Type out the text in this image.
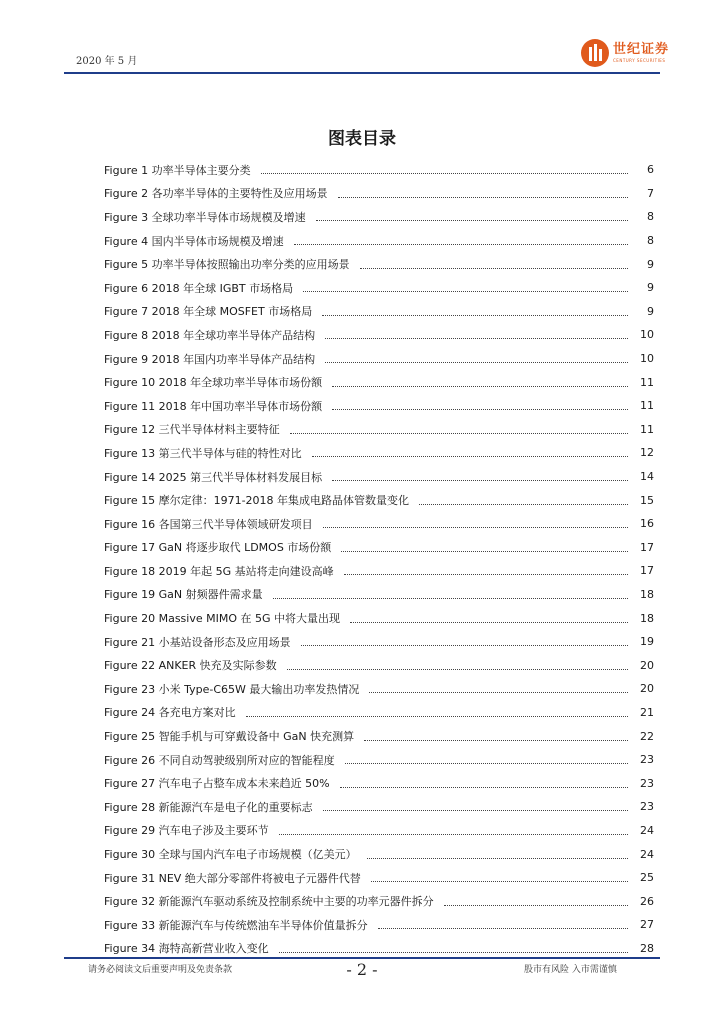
2020 年 5 月
世纪证券
CENTURY SECURITIES
图表目录
Figure 1 功率半导体主要分类	6
Figure 2 各功率半导体的主要特性及应用场景	7
Figure 3 全球功率半导体市场规模及增速	8
Figure 4 国内半导体市场规模及增速	8
Figure 5 功率半导体按照输出功率分类的应用场景	9
Figure 6 2018 年全球 IGBT 市场格局	9
Figure 7 2018 年全球 MOSFET 市场格局	9
Figure 8 2018 年全球功率半导体产品结构	10
Figure 9 2018 年国内功率半导体产品结构	10
Figure 10 2018 年全球功率半导体市场份额	11
Figure 11 2018 年中国功率半导体市场份额	11
Figure 12 三代半导体材料主要特征	11
Figure 13 第三代半导体与硅的特性对比	12
Figure 14 2025 第三代半导体材料发展目标	14
Figure 15 摩尔定律：1971-2018 年集成电路晶体管数量变化	15
Figure 16 各国第三代半导体领域研发项目	16
Figure 17 GaN 将逐步取代 LDMOS 市场份额	17
Figure 18 2019 年起 5G 基站将走向建设高峰	17
Figure 19 GaN 射频器件需求量	18
Figure 20 Massive MIMO 在 5G 中将大量出现	18
Figure 21 小基站设备形态及应用场景	19
Figure 22 ANKER 快充及实际参数	20
Figure 23 小米 Type-C65W 最大输出功率发热情况	20
Figure 24 各充电方案对比	21
Figure 25 智能手机与可穿戴设备中 GaN 快充测算	22
Figure 26 不同自动驾驶级别所对应的智能程度	23
Figure 27 汽车电子占整车成本未来趋近 50%	23
Figure 28 新能源汽车是电子化的重要标志	23
Figure 29 汽车电子涉及主要环节	24
Figure 30 全球与国内汽车电子市场规模（亿美元）	24
Figure 31 NEV 绝大部分零部件将被电子元器件代替	25
Figure 32 新能源汽车驱动系统及控制系统中主要的功率元器件拆分	26
Figure 33 新能源汽车与传统燃油车半导体价值量拆分	27
Figure 34 海特高新营业收入变化	28
请务必阅读文后重要声明及免责条款	- 2 -	股市有风险 入市需谨慎
